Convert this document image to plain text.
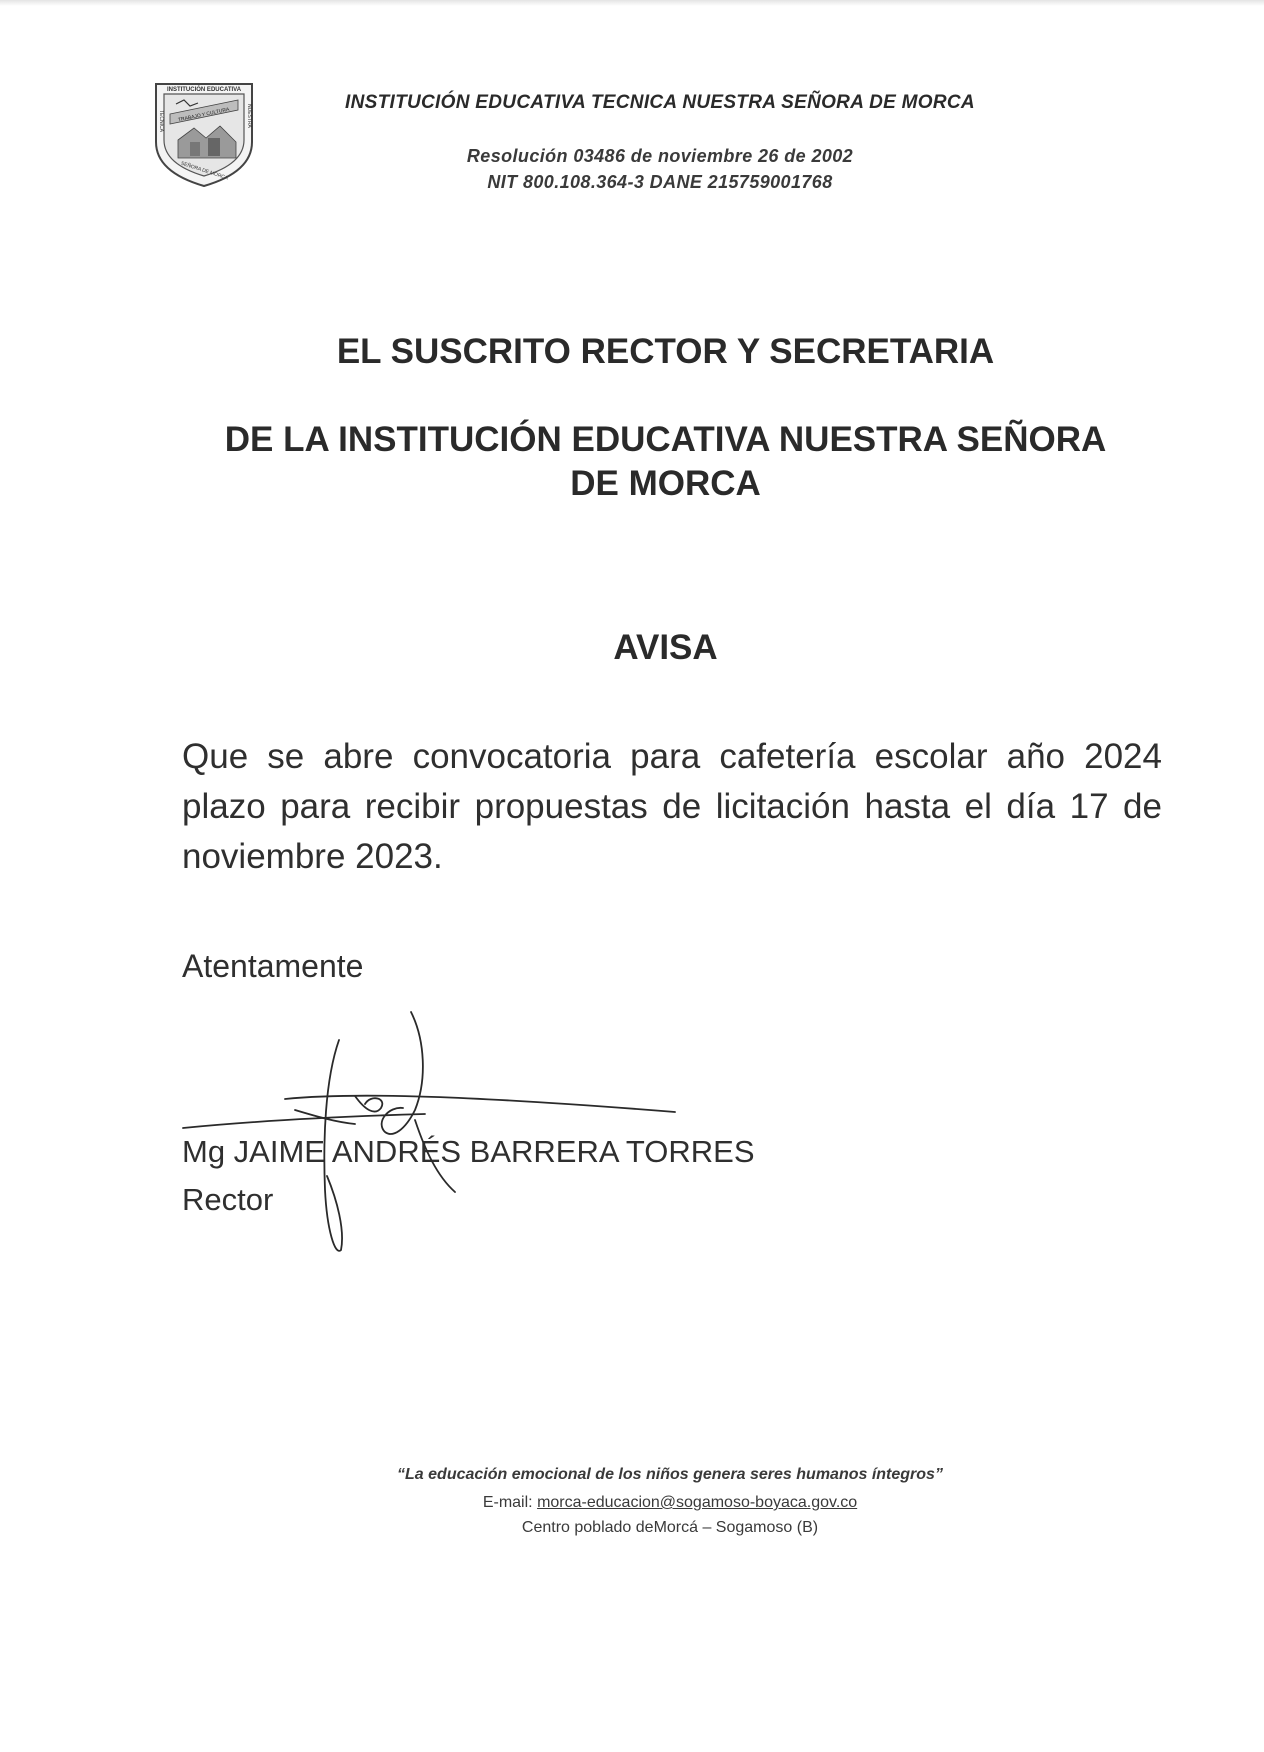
INSTITUCIÓN EDUCATIVA
TECNICA	NUESTRA
TRABAJO Y CULTURA
SEÑORA DE MORCA
INSTITUCIÓN EDUCATIVA TECNICA NUESTRA SEÑORA DE MORCA
Resolución 03486 de noviembre 26 de 2002
NIT 800.108.364-3 DANE 215759001768
EL SUSCRITO RECTOR Y SECRETARIA
DE LA INSTITUCIÓN EDUCATIVA NUESTRA SEÑORA
DE MORCA
AVISA
Que se abre convocatoria para cafetería escolar año 2024 plazo para recibir propuestas de licitación hasta el día 17 de noviembre 2023.
Atentamente
Mg JAIME ANDRÉS BARRERA TORRES
Rector
“La educación emocional de los niños genera seres humanos íntegros”
E-mail: morca-educacion@sogamoso-boyaca.gov.co
Centro poblado deMorcá – Sogamoso (B)
